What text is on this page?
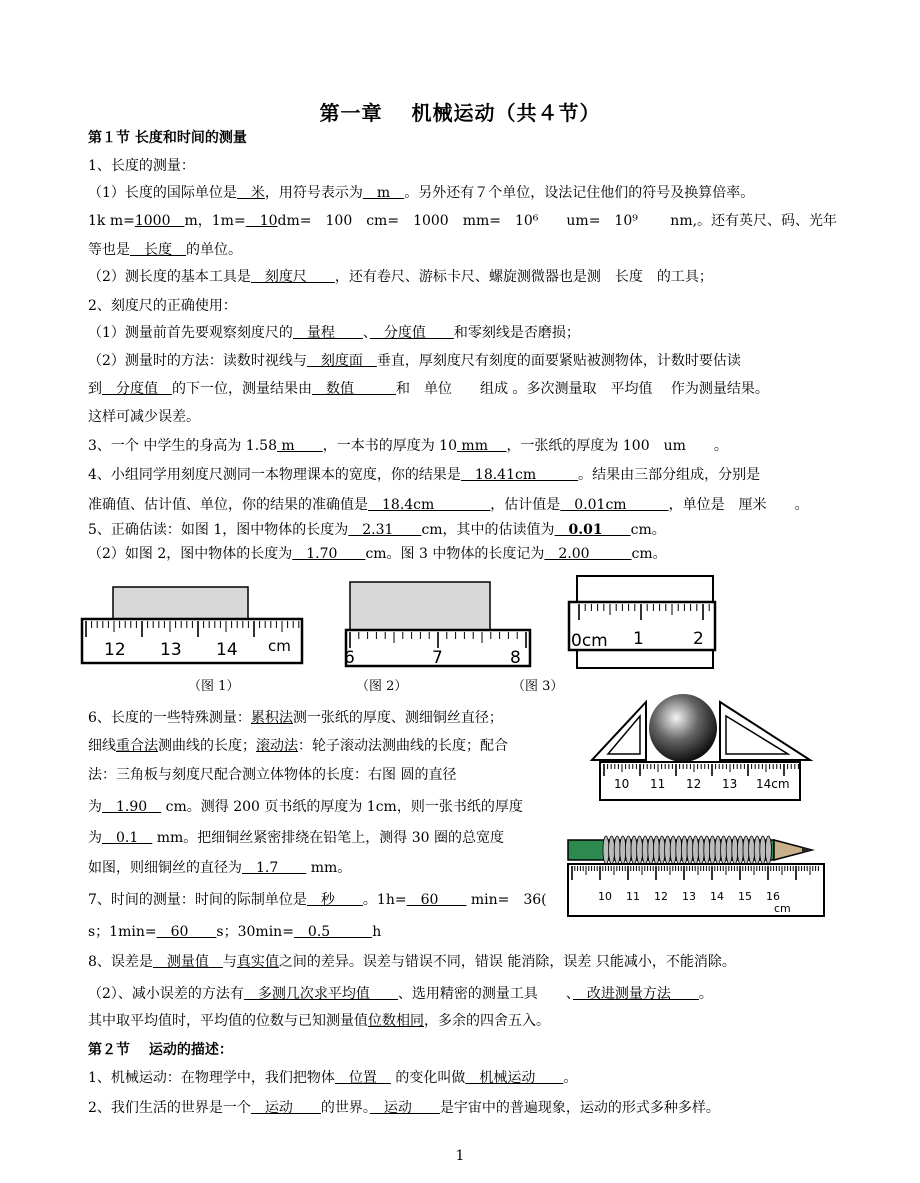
第一章　 机械运动（共４节）
第１节 长度和时间的测量
1、长度的测量：
（1）长度的国际单位是　米，用符号表示为　m　。另外还有７个单位，设法记住他们的符号及换算倍率。
1k m=1000　m，1m=　10dm=　100　cm=　1000　mm=　10⁶　　um=　10⁹　　 nm,。还有英尺、码、光年
等也是　长度　的单位。
（2）测长度的基本工具是　刻度尺　　，还有卷尺、游标卡尺、螺旋测微器也是测　长度　的工具；
2、刻度尺的正确使用：
（1）测量前首先要观察刻度尺的　量程　　、　分度值　　和零刻线是否磨损；
（2）测量时的方法：读数时视线与　刻度面　垂直，厚刻度尺有刻度的面要紧贴被测物体，计数时要估读
到　分度值　的下一位，测量结果由　数值　　　和　单位　　组成 。多次测量取　平均值　 作为测量结果。
这样可减少误差。
3、一个 中学生的身高为 1.58 m　　，一本书的厚度为 10 mm　 ，一张纸的厚度为 100　um　　。
4、小组同学用刻度尺测同一本物理课本的宽度，你的结果是　18.41cm　　　。结果由三部分组成，分别是
准确值、估计值、单位，你的结果的准确值是　18.4cm　　　　，估计值是　0.01cm　　　，单位是　厘米　　。
5、正确估读：如图 1，图中物体的长度为　2.31　　cm，其中的估读值为　0.01　　cm。
（2）如图 2，图中物体的长度为　1.70　　cm。图 3 中物体的长度记为　2.00　　　cm。
12 13 14 cm
（图 1）
6	7	8
（图 2）
0cm 1	2
（图 3）
10 11 12 13 14cm
10 11 12 13 14 15 16
cm
6、长度的一些特殊测量：累积法测一张纸的厚度、测细铜丝直径；
细线重合法测曲线的长度；滚动法：轮子滚动法测曲线的长度；配合
法：三角板与刻度尺配合测立体物体的长度：右图 圆的直径
为　1.90　 cm。测得 200 页书纸的厚度为 1cm，则一张书纸的厚度
为　0.1　 mm。把细铜丝紧密排绕在铅笔上，测得 30 圈的总宽度
如图，则细铜丝的直径为　1.7　　 mm。
7、时间的测量：时间的际制单位是　秒　　。1h=　60　　 min=　36(
s；1min=　60　　s；30min=　0.5　　　h
8、误差是　测量值　与真实值之间的差异。误差与错误不同，错误 能消除，误差 只能减小，不能消除。
（2）、减小误差的方法有　多测几次求平均值　　、选用精密的测量工具　　、　改进测量方法　　。
其中取平均值时，平均值的位数与已知测量值位数相同，多余的四舍五入。
第２节　 运动的描述：
1、机械运动：在物理学中，我们把物体　位置　 的变化叫做　机械运动　　。
2、我们生活的世界是一个　运动　　的世界。　运动　　是宇宙中的普遍现象，运动的形式多种多样。
1
